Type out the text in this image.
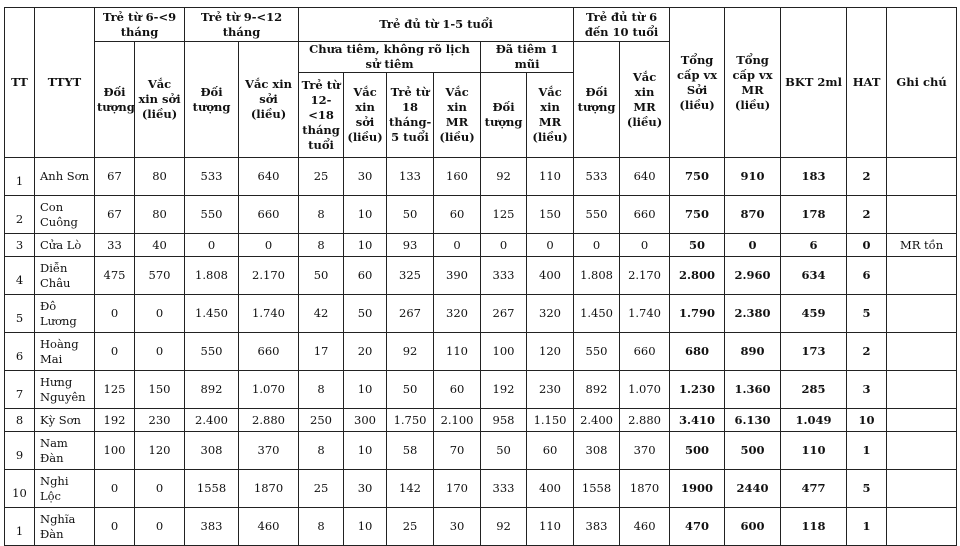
TT	TTYT	Trẻ từ 6-<9 tháng		Trẻ từ 9-<12 tháng		Trẻ đủ từ 1-5 tuổi						Trẻ đủ từ 6 đến 10 tuổi		Tổng cấp vx Sởi (liều)	Tổng cấp vx MR (liều)	BKT 2ml	HAT	Ghi chú
		Đối tượng	Vắc xin sởi (liều)	Đối tượng	Vắc xin sởi (liều)	Chưa tiêm, không rõ lịch sử tiêm				Đã tiêm 1 mũi		Đối tượng	Vắc xin MR (liều)					
						Trẻ từ 12-<18 tháng tuổi	Vắc xin sởi (liều)	Trẻ từ 18 tháng-5 tuổi	Vắc xin MR (liều)	Đối tượng	Vắc xin MR (liều)							
1	Anh Sơn	67	80	533	640	25	30	133	160	92	110	533	640	750	910	183	2	
2	Con Cuông	67	80	550	660	8	10	50	60	125	150	550	660	750	870	178	2	
3	Cửa Lò	33	40	0	0	8	10	93	0	0	0	0	0	50	0	6	0	MR tồn
4	Diễn Châu	475	570	1.808	2.170	50	60	325	390	333	400	1.808	2.170	2.800	2.960	634	6	
5	Đô Lương	0	0	1.450	1.740	42	50	267	320	267	320	1.450	1.740	1.790	2.380	459	5	
6	Hoàng Mai	0	0	550	660	17	20	92	110	100	120	550	660	680	890	173	2	
7	Hưng Nguyên	125	150	892	1.070	8	10	50	60	192	230	892	1.070	1.230	1.360	285	3	
8	Kỳ Sơn	192	230	2.400	2.880	250	300	1.750	2.100	958	1.150	2.400	2.880	3.410	6.130	1.049	10	
9	Nam Đàn	100	120	308	370	8	10	58	70	50	60	308	370	500	500	110	1	
10	Nghi Lộc	0	0	1558	1870	25	30	142	170	333	400	1558	1870	1900	2440	477	5	
1	Nghĩa Đàn	0	0	383	460	8	10	25	30	92	110	383	460	470	600	118	1	
